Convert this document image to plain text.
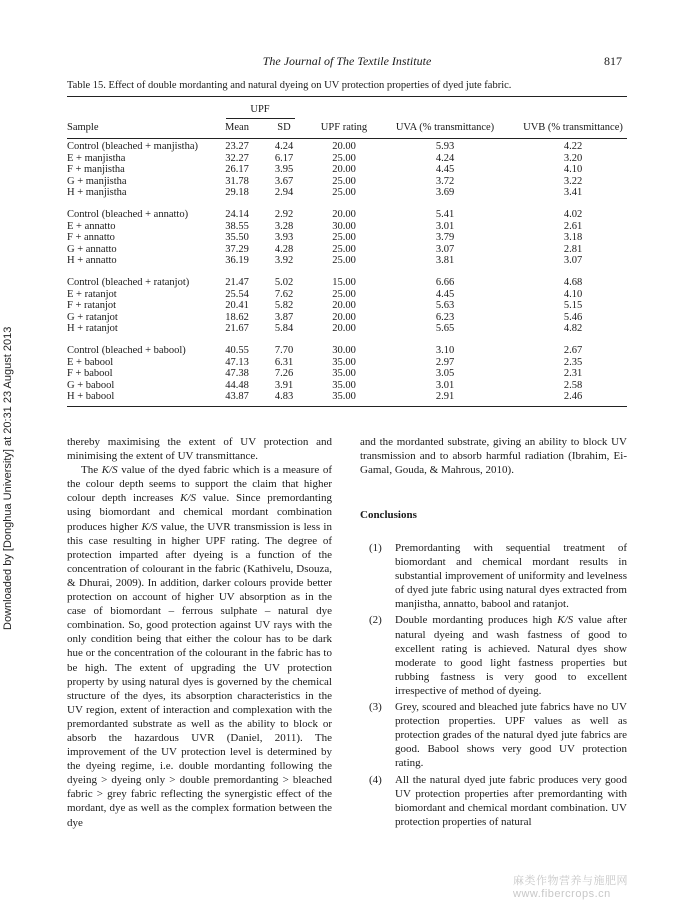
The Journal of The Textile Institute	817
Downloaded by [Donghua University] at 20:31 23 August 2013
Table 15. Effect of double mordanting and natural dyeing on UV protection properties of dyed jute fabric.
UPF
Sample	Mean	SD	UPF rating	UVA (% transmittance)	UVB (% transmittance)
Control (bleached + manjistha)	23.27 4.24	20.00	5.93	4.22
E + manjistha	32.27 6.17	25.00	4.24	3.20
F + manjistha	26.17 3.95	20.00	4.45	4.10
G + manjistha	31.78 3.67	25.00	3.72	3.22
H + manjistha	29.18 2.94	25.00	3.69	3.41
Control (bleached + annatto)	24.14 2.92	20.00	5.41	4.02
E + annatto	38.55 3.28	30.00	3.01	2.61
F + annatto	35.50 3.93	25.00	3.79	3.18
G + annatto	37.29 4.28	25.00	3.07	2.81
H + annatto	36.19 3.92	25.00	3.81	3.07
Control (bleached + ratanjot)	21.47 5.02	15.00	6.66	4.68
E + ratanjot	25.54 7.62	25.00	4.45	4.10
F + ratanjot	20.41 5.82	20.00	5.63	5.15
G + ratanjot	18.62 3.87	20.00	6.23	5.46
H + ratanjot	21.67 5.84	20.00	5.65	4.82
Control (bleached + babool)	40.55 7.70	30.00	3.10	2.67
E + babool	47.13 6.31	35.00	2.97	2.35
F + babool	47.38 7.26	35.00	3.05	2.31
G + babool	44.48 3.91	35.00	3.01	2.58
H + babool	43.87 4.83	35.00	2.91	2.46

thereby maximising the extent of UV protection and minimising the extent of UV transmittance.

The K/S value of the dyed fabric which is a measure of the colour depth seems to support the claim that higher colour depth increases K/S value. Since premordanting using biomordant and chemical mordant combination produces higher K/S value, the UVR transmission is less in this case resulting in higher UPF rating. The degree of protection imparted after dyeing is a function of the concentration of colourant in the fabric (Kathivelu, Dsouza, & Dhurai, 2009). In addition, darker colours provide better protection on account of higher UV absorption as in the case of biomordant – ferrous sulphate – natural dye combination. So, good protection against UV rays with the only condition being that either the colour has to be dark hue or the concentration of the colourant in the fabric has to be high. The extent of upgrading the UV protection property by using natural dyes is governed by the chemical structure of the dyes, its absorption characteristics in the UV region, extent of interaction and complexation with the premordanted substrate as well as the ability to block or absorb the hazardous UVR (Daniel, 2011). The improvement of the UV protection level is determined by the dyeing regime, i.e. double mordanting following the dyeing > dyeing only > double premordanting > bleached fabric > grey fabric reflecting the synergistic effect of the mordant, dye as well as the complex formation between the dye

and the mordanted substrate, giving an ability to block UV transmission and to absorb harmful radiation (Ibrahim, Ei-Gamal, Gouda, & Mahrous, 2010).

Conclusions
(1)	Premordanting with sequential treatment of biomordant and chemical mordant results in substantial improvement of uniformity and levelness of dyed jute fabric using natural dyes extracted from manjistha, annatto, babool and ratanjot.
(2)	Double mordanting produces high K/S value after natural dyeing and wash fastness of good to excellent rating is achieved. Natural dyes show moderate to good light fastness properties but rubbing fastness is very good to excellent irrespective of method of dyeing.
(3)	Grey, scoured and bleached jute fabrics have no UV protection properties. UPF values as well as protection grades of the natural dyed jute fabrics are good. Babool shows very good UV protection rating.
(4)	All the natural dyed jute fabric produces very good UV protection properties after premordanting with biomordant and chemical mordant combination. UV protection properties of natural
麻类作物营养与施肥网 www.fibercrops.cn
